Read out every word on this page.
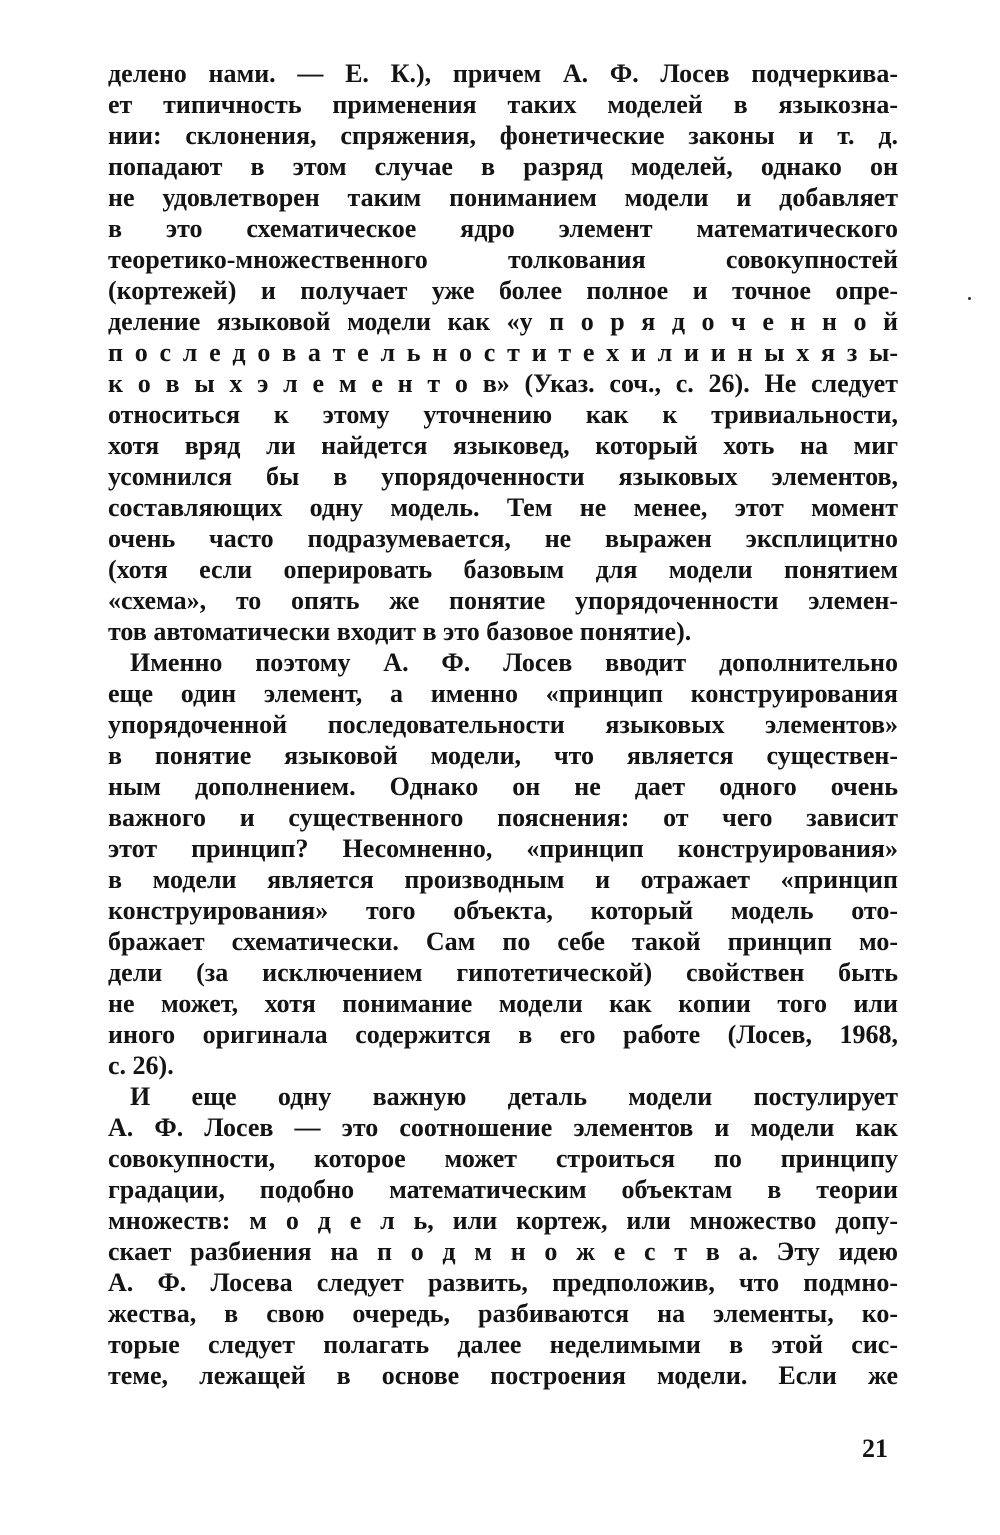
делено нами. — Е. К.), причем А. Ф. Лосев подчеркива-
ет типичность применения таких моделей в языкозна-
нии: склонения, спряжения, фонетические законы и т. д.
попадают в этом случае в разряд моделей, однако он
не удовлетворен таким пониманием модели и добавляет
в это схематическое ядро элемент математического
теоретико-множественного толкования совокупностей
(кортежей) и получает уже более полное и точное опре-
деление языковой модели как «у п о р я д о ч е н н о й
п о с л е д о в а т е л ь н о с т и т е х и л и и н ы х я з ы-
к о в ы х э л е м е н т о в» (Указ. соч., с. 26). Не следует
относиться к этому уточнению как к тривиальности,
хотя вряд ли найдется языковед, который хоть на миг
усомнился бы в упорядоченности языковых элементов,
составляющих одну модель. Тем не менее, этот момент
очень часто подразумевается, не выражен эксплицитно
(хотя если оперировать базовым для модели понятием
«схема», то опять же понятие упорядоченности элемен-
тов автоматически входит в это базовое понятие).
Именно поэтому А. Ф. Лосев вводит дополнительно
еще один элемент, а именно «принцип конструирования
упорядоченной последовательности языковых элементов»
в понятие языковой модели, что является существен-
ным дополнением. Однако он не дает одного очень
важного и существенного пояснения: от чего зависит
этот принцип? Несомненно, «принцип конструирования»
в модели является производным и отражает «принцип
конструирования» того объекта, который модель ото-
бражает схематически. Сам по себе такой принцип мо-
дели (за исключением гипотетической) свойствен быть
не может, хотя понимание модели как копии того или
иного оригинала содержится в его работе (Лосев, 1968,
с. 26).
И еще одну важную деталь модели постулирует
А. Ф. Лосев — это соотношение элементов и модели как
совокупности, которое может строиться по принципу
градации, подобно математическим объектам в теории
множеств: м о д е л ь, или кортеж, или множество допу-
скает разбиения на п о д м н о ж е с т в а. Эту идею
А. Ф. Лосева следует развить, предположив, что подмно-
жества, в свою очередь, разбиваются на элементы, ко-
торые следует полагать далее неделимыми в этой сис-
теме, лежащей в основе построения модели. Если же
21
